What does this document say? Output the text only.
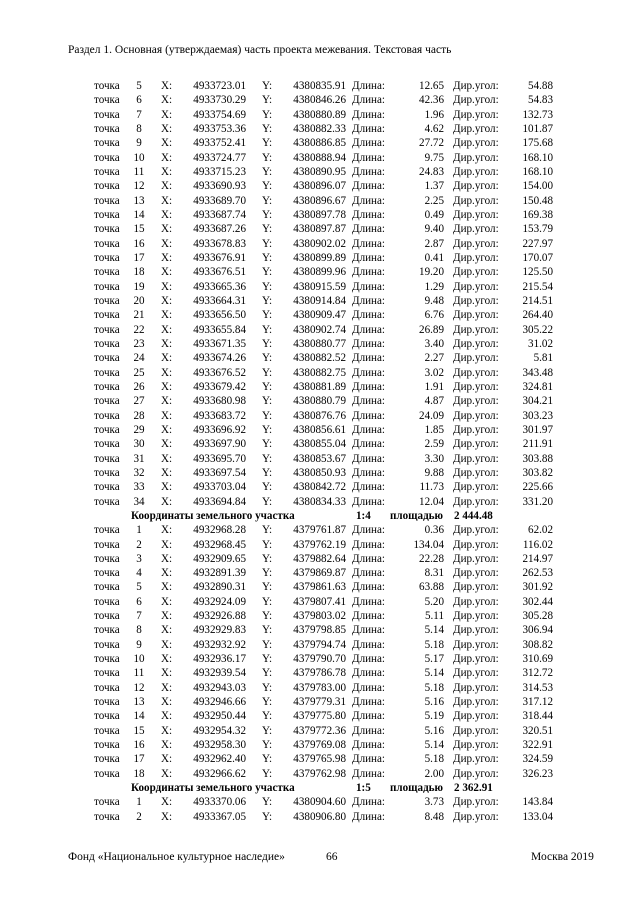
Раздел 1. Основная (утверждаемая) часть проекта межевания. Текстовая часть
точка	5	X:	4933723.01 Y:	4380835.91 Длина:	12.65 Дир.угол:	54.88
точка	6	X:	4933730.29 Y:	4380846.26 Длина:	42.36 Дир.угол:	54.83
точка	7	X:	4933754.69 Y:	4380880.89 Длина:	1.96 Дир.угол:	132.73
точка	8	X:	4933753.36 Y:	4380882.33 Длина:	4.62 Дир.угол:	101.87
точка	9	X:	4933752.41 Y:	4380886.85 Длина:	27.72 Дир.угол:	175.68
точка 10 X:	4933724.77 Y:	4380888.94 Длина:	9.75 Дир.угол:	168.10
точка 11 X:	4933715.23 Y:	4380890.95 Длина:	24.83 Дир.угол:	168.10
точка 12 X:	4933690.93 Y:	4380896.07 Длина:	1.37 Дир.угол:	154.00
точка 13 X:	4933689.70 Y:	4380896.67 Длина:	2.25 Дир.угол:	150.48
точка 14 X:	4933687.74 Y:	4380897.78 Длина:	0.49 Дир.угол:	169.38
точка 15 X:	4933687.26 Y:	4380897.87 Длина:	9.40 Дир.угол:	153.79
точка 16 X:	4933678.83 Y:	4380902.02 Длина:	2.87 Дир.угол:	227.97
точка 17 X:	4933676.91 Y:	4380899.89 Длина:	0.41 Дир.угол:	170.07
точка 18 X:	4933676.51 Y:	4380899.96 Длина:	19.20 Дир.угол:	125.50
точка 19 X:	4933665.36 Y:	4380915.59 Длина:	1.29 Дир.угол:	215.54
точка 20 X:	4933664.31 Y:	4380914.84 Длина:	9.48 Дир.угол:	214.51
точка 21 X:	4933656.50 Y:	4380909.47 Длина:	6.76 Дир.угол:	264.40
точка 22 X:	4933655.84 Y:	4380902.74 Длина:	26.89 Дир.угол:	305.22
точка 23 X:	4933671.35 Y:	4380880.77 Длина:	3.40 Дир.угол:	31.02
точка 24 X:	4933674.26 Y:	4380882.52 Длина:	2.27 Дир.угол:	5.81
точка 25 X:	4933676.52 Y:	4380882.75 Длина:	3.02 Дир.угол:	343.48
точка 26 X:	4933679.42 Y:	4380881.89 Длина:	1.91 Дир.угол:	324.81
точка 27 X:	4933680.98 Y:	4380880.79 Длина:	4.87 Дир.угол:	304.21
точка 28 X:	4933683.72 Y:	4380876.76 Длина:	24.09 Дир.угол:	303.23
точка 29 X:	4933696.92 Y:	4380856.61 Длина:	1.85 Дир.угол:	301.97
точка 30 X:	4933697.90 Y:	4380855.04 Длина:	2.59 Дир.угол:	211.91
точка 31 X:	4933695.70 Y:	4380853.67 Длина:	3.30 Дир.угол:	303.88
точка 32 X:	4933697.54 Y:	4380850.93 Длина:	9.88 Дир.угол:	303.82
точка 33 X:	4933703.04 Y:	4380842.72 Длина:	11.73 Дир.угол:	225.66
точка 34 X:	4933694.84 Y:	4380834.33 Длина:	12.04 Дир.угол:	331.20
Координаты земельного участка	1:4 площадью 2 444.48
точка	1	X:	4932968.28 Y:	4379761.87 Длина:	0.36 Дир.угол:	62.02
точка	2	X:	4932968.45 Y:	4379762.19 Длина:	134.04 Дир.угол:	116.02
точка	3	X:	4932909.65 Y:	4379882.64 Длина:	22.28 Дир.угол:	214.97
точка	4	X:	4932891.39 Y:	4379869.87 Длина:	8.31 Дир.угол:	262.53
точка	5	X:	4932890.31 Y:	4379861.63 Длина:	63.88 Дир.угол:	301.92
точка	6	X:	4932924.09 Y:	4379807.41 Длина:	5.20 Дир.угол:	302.44
точка	7	X:	4932926.88 Y:	4379803.02 Длина:	5.11 Дир.угол:	305.28
точка	8	X:	4932929.83 Y:	4379798.85 Длина:	5.14 Дир.угол:	306.94
точка	9	X:	4932932.92 Y:	4379794.74 Длина:	5.18 Дир.угол:	308.82
точка 10 X:	4932936.17 Y:	4379790.70 Длина:	5.17 Дир.угол:	310.69
точка 11 X:	4932939.54 Y:	4379786.78 Длина:	5.14 Дир.угол:	312.72
точка 12 X:	4932943.03 Y:	4379783.00 Длина:	5.18 Дир.угол:	314.53
точка 13 X:	4932946.66 Y:	4379779.31 Длина:	5.16 Дир.угол:	317.12
точка 14 X:	4932950.44 Y:	4379775.80 Длина:	5.19 Дир.угол:	318.44
точка 15 X:	4932954.32 Y:	4379772.36 Длина:	5.16 Дир.угол:	320.51
точка 16 X:	4932958.30 Y:	4379769.08 Длина:	5.14 Дир.угол:	322.91
точка 17 X:	4932962.40 Y:	4379765.98 Длина:	5.18 Дир.угол:	324.59
точка 18 X:	4932966.62 Y:	4379762.98 Длина:	2.00 Дир.угол:	326.23
Координаты земельного участка	1:5 площадью 2 362.91
точка	1	X:	4933370.06 Y:	4380904.60 Длина:	3.73 Дир.угол:	143.84
точка	2	X:	4933367.05 Y:	4380906.80 Длина:	8.48 Дир.угол:	133.04
Фонд «Национальное культурное наследие»	66	Москва 2019
